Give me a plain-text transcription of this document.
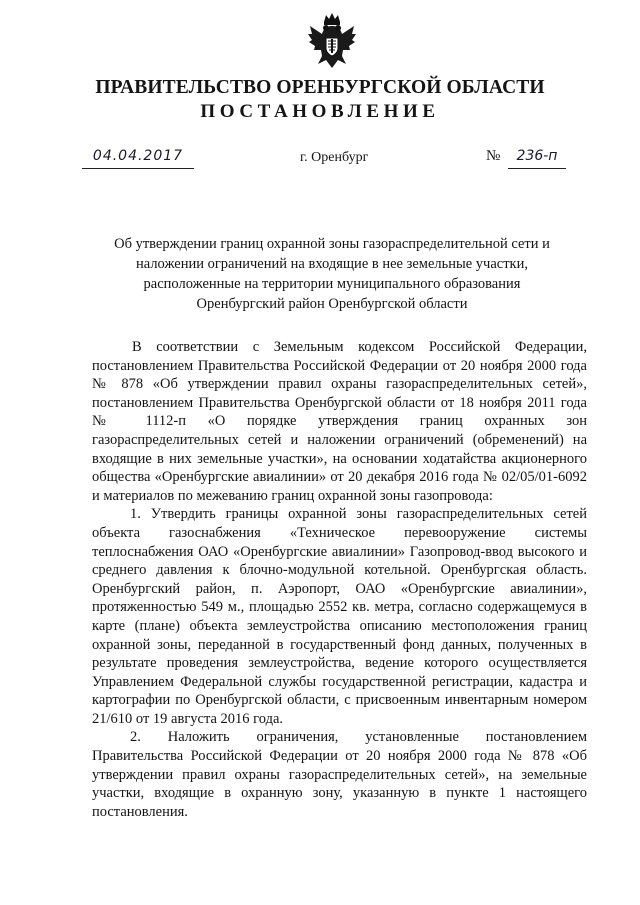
ПРАВИТЕЛЬСТВО ОРЕНБУРГСКОЙ ОБЛАСТИ
ПОСТАНОВЛЕНИЕ
04.04.2017	г. Оренбург	№	236-п
Об утверждении границ охранной зоны газораспределительной сети и наложении ограничений на входящие в нее земельные участки, расположенные на территории муниципального образования Оренбургский район Оренбургской области

В соответствии с Земельным кодексом Российской Федерации, постановлением Правительства Российской Федерации от 20 ноября 2000 года № 878 «Об утверждении правил охраны газораспределительных сетей», постановлением Правительства Оренбургской области от 18 ноября 2011 года № 1112-п «О порядке утверждения границ охранных зон газораспределительных сетей и наложении ограничений (обременений) на входящие в них земельные участки», на основании ходатайства акционерного общества «Оренбургские авиалинии» от 20 декабря 2016 года № 02/05/01-6092 и материалов по межеванию границ охранной зоны газопровода:

1. Утвердить границы охранной зоны газораспределительных сетей объекта газоснабжения «Техническое перевооружение системы теплоснабжения ОАО «Оренбургские авиалинии» Газопровод-ввод высокого и среднего давления к блочно-модульной котельной. Оренбургская область. Оренбургский район, п. Аэропорт, ОАО «Оренбургские авиалинии», протяженностью 549 м., площадью 2552 кв. метра, согласно содержащемуся в карте (плане) объекта землеустройства описанию местоположения границ охранной зоны, переданной в государственный фонд данных, полученных в результате проведения землеустройства, ведение которого осуществляется Управлением Федеральной службы государственной регистрации, кадастра и картографии по Оренбургской области, с присвоенным инвентарным номером 21/610 от 19 августа 2016 года.

2. Наложить ограничения, установленные постановлением Правительства Российской Федерации от 20 ноября 2000 года № 878 «Об утверждении правил охраны газораспределительных сетей», на земельные участки, входящие в охранную зону, указанную в пункте 1 настоящего постановления.
